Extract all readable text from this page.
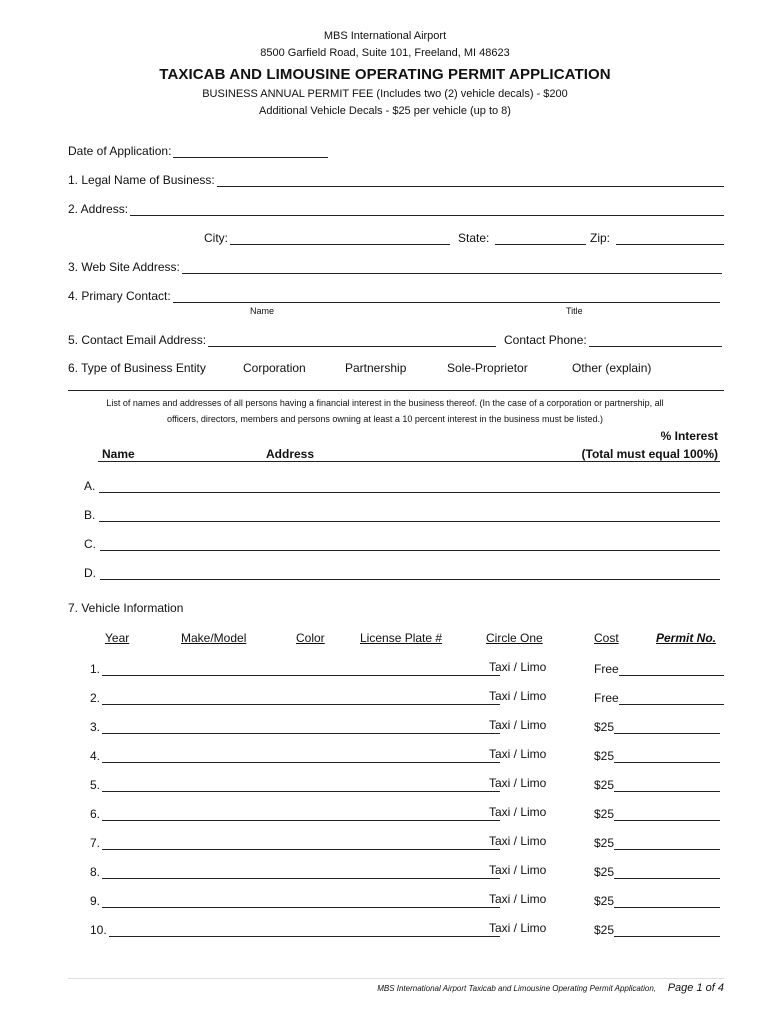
MBS International Airport
8500 Garfield Road, Suite 101, Freeland, MI 48623
TAXICAB AND LIMOUSINE OPERATING PERMIT APPLICATION
BUSINESS ANNUAL PERMIT FEE (Includes two (2) vehicle decals) - $200
Additional Vehicle Decals - $25 per vehicle (up to 8)
Date of Application:
1. Legal Name of Business:
2. Address:
City:	State:	Zip:
3. Web Site Address:
4. Primary Contact:
Name	Title
5. Contact Email Address:	Contact Phone:
6. Type of Business Entity	Corporation	Partnership	Sole-Proprietor	Other (explain)
List of names and addresses of all persons having a financial interest in the business thereof. (In the case of a corporation or partnership, all
officers, directors, members and persons owning at least a 10 percent interest in the business must be listed.)
% Interest
Name	Address	(Total must equal 100%)
A.
B.
C.
D.
7. Vehicle Information
Year	Make/Model	Color	License Plate #	Circle One	Cost	Permit No.
1.	Taxi / Limo	Free
2.	Taxi / Limo	Free
3.	Taxi / Limo	$25
4.	Taxi / Limo	$25
5.	Taxi / Limo	$25
6.	Taxi / Limo	$25
7.	Taxi / Limo	$25
8.	Taxi / Limo	$25
9.	Taxi / Limo	$25
10.	Taxi / Limo	$25
MBS International Airport Taxicab and Limousine Operating Permit Application, Page 1 of 4
